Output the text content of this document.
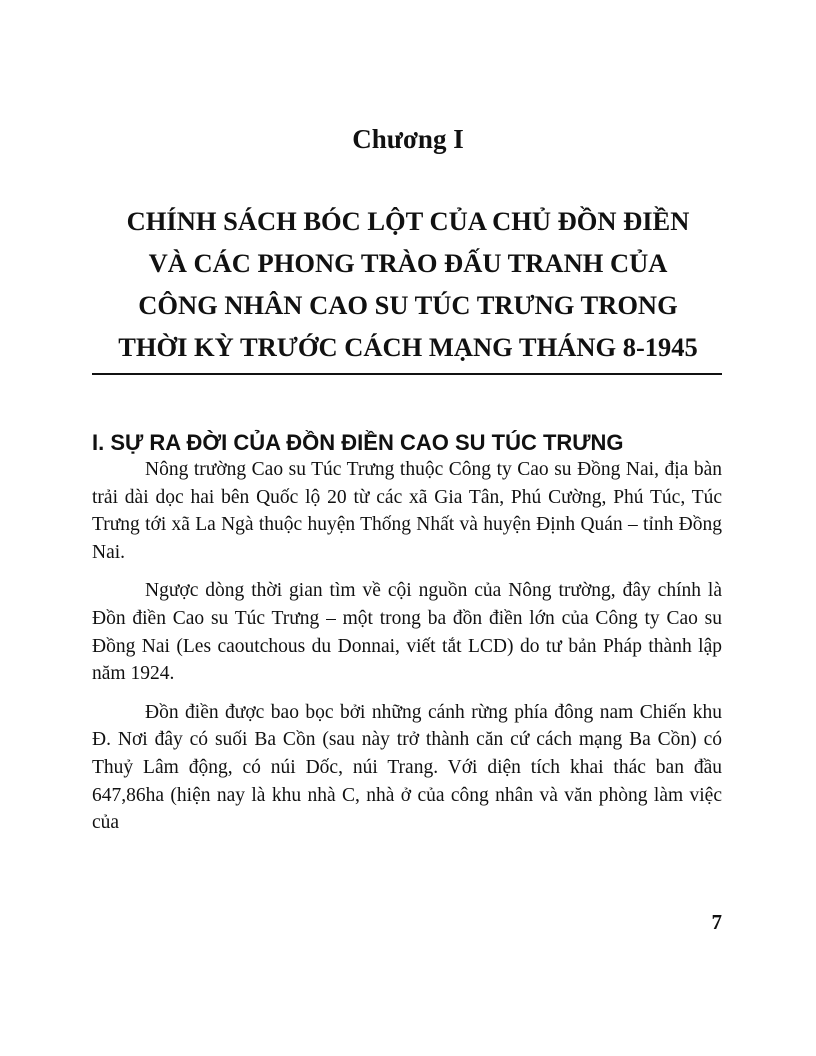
Chương I
CHÍNH SÁCH BÓC LỘT CỦA CHỦ ĐỒN ĐIỀN
VÀ CÁC PHONG TRÀO ĐẤU TRANH CỦA
CÔNG NHÂN CAO SU TÚC TRƯNG TRONG
THỜI KỲ TRƯỚC CÁCH MẠNG THÁNG 8-1945
I. SỰ RA ĐỜI CỦA ĐỒN ĐIỀN CAO SU TÚC TRƯNG

Nông trường Cao su Túc Trưng thuộc Công ty Cao su Đồng Nai, địa bàn trải dài dọc hai bên Quốc lộ 20 từ các xã Gia Tân, Phú Cường, Phú Túc, Túc Trưng tới xã La Ngà thuộc huyện Thống Nhất và huyện Định Quán – tỉnh Đồng Nai.

Ngược dòng thời gian tìm về cội nguồn của Nông trường, đây chính là Đồn điền Cao su Túc Trưng – một trong ba đồn điền lớn của Công ty Cao su Đồng Nai (Les caoutchous du Donnai, viết tắt LCD) do tư bản Pháp thành lập năm 1924.

Đồn điền được bao bọc bởi những cánh rừng phía đông nam Chiến khu Đ. Nơi đây có suối Ba Cồn (sau này trở thành căn cứ cách mạng Ba Cồn) có Thuỷ Lâm động, có núi Dốc, núi Trang. Với diện tích khai thác ban đầu 647,86ha (hiện nay là khu nhà C, nhà ở của công nhân và văn phòng làm việc của

7
